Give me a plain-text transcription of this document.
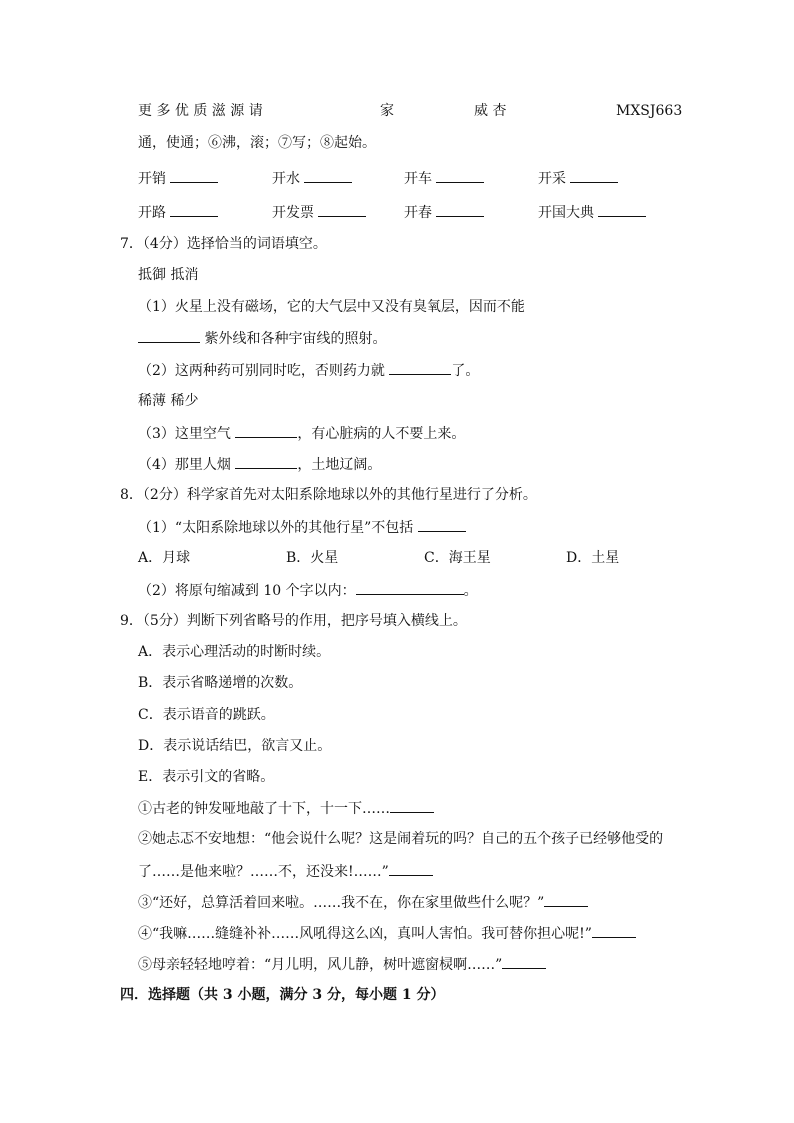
更 多 优 质 滋 源 请	家	威 杏	MXSJ663
通，使通；⑥沸，滚；⑦写；⑧起始。
开销	开水	开车	开采
开路	开发票	开春	开国大典
7．（4分）选择恰当的词语填空。
抵御 抵消
（1）火星上没有磁场，它的大气层中又没有臭氧层，因而不能
紫外线和各种宇宙线的照射。
（2）这两种药可别同时吃，否则药力就	了。
稀薄 稀少
（3）这里空气	，有心脏病的人不要上来。
（4）那里人烟	，土地辽阔。
8．（2分）科学家首先对太阳系除地球以外的其他行星进行了分析。
（1）“太阳系除地球以外的其他行星”不包括
A．月球	B．火星	C．海王星	D．土星
（2）将原句缩减到 10 个字以内：	。
9．（5分）判断下列省略号的作用，把序号填入横线上。
A．表示心理活动的时断时续。
B．表示省略递增的次数。
C．表示语音的跳跃。
D．表示说话结巴，欲言又止。
E．表示引文的省略。
①古老的钟发哑地敲了十下，十一下……
②她忐忑不安地想：“他会说什么呢？这是闹着玩的吗？自己的五个孩子已经够他受的
了……是他来啦？……不，还没来!……”
③“还好，总算活着回来啦。……我不在，你在家里做些什么呢？”
④“我嘛……缝缝补补……风吼得这么凶，真叫人害怕。我可替你担心呢!”
⑤母亲轻轻地哼着：“月儿明，风儿静，树叶遮窗棂啊……”
四．选择题（共 3 小题，满分 3 分，每小题 1 分）
